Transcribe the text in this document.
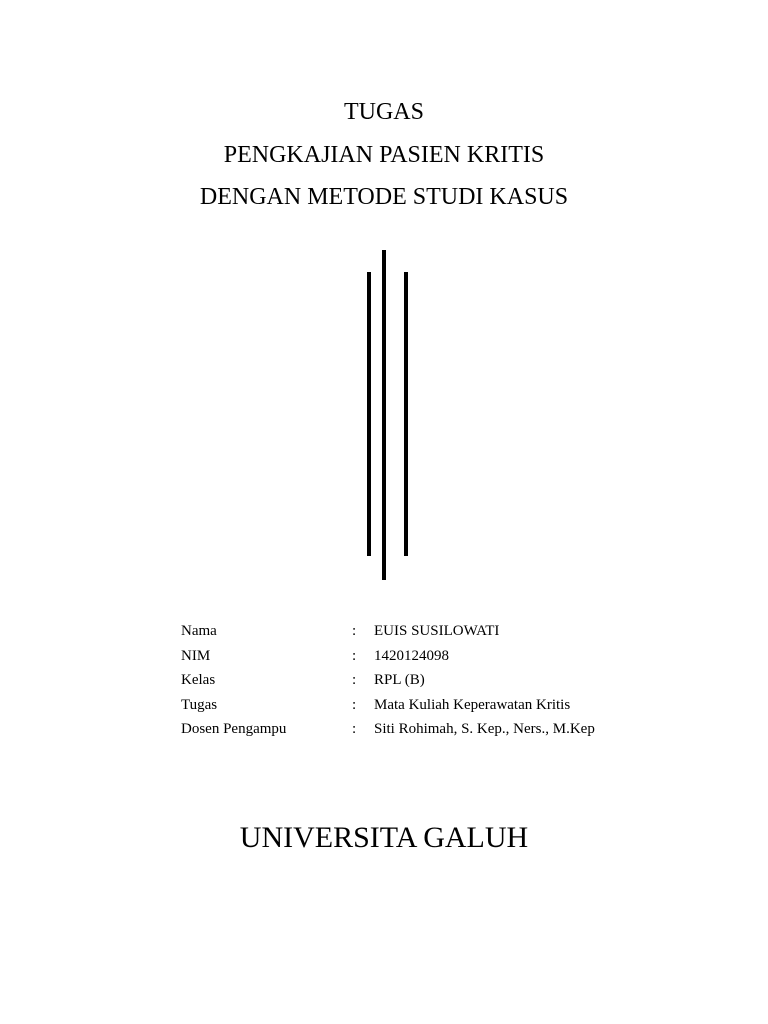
TUGAS
PENGKAJIAN PASIEN KRITIS
DENGAN METODE STUDI KASUS
Nama	:	EUIS SUSILOWATI
NIM	:	1420124098
Kelas	:	RPL (B)
Tugas	:	Mata Kuliah Keperawatan Kritis
Dosen Pengampu	:	Siti Rohimah, S. Kep., Ners., M.Kep
UNIVERSITA GALUH
